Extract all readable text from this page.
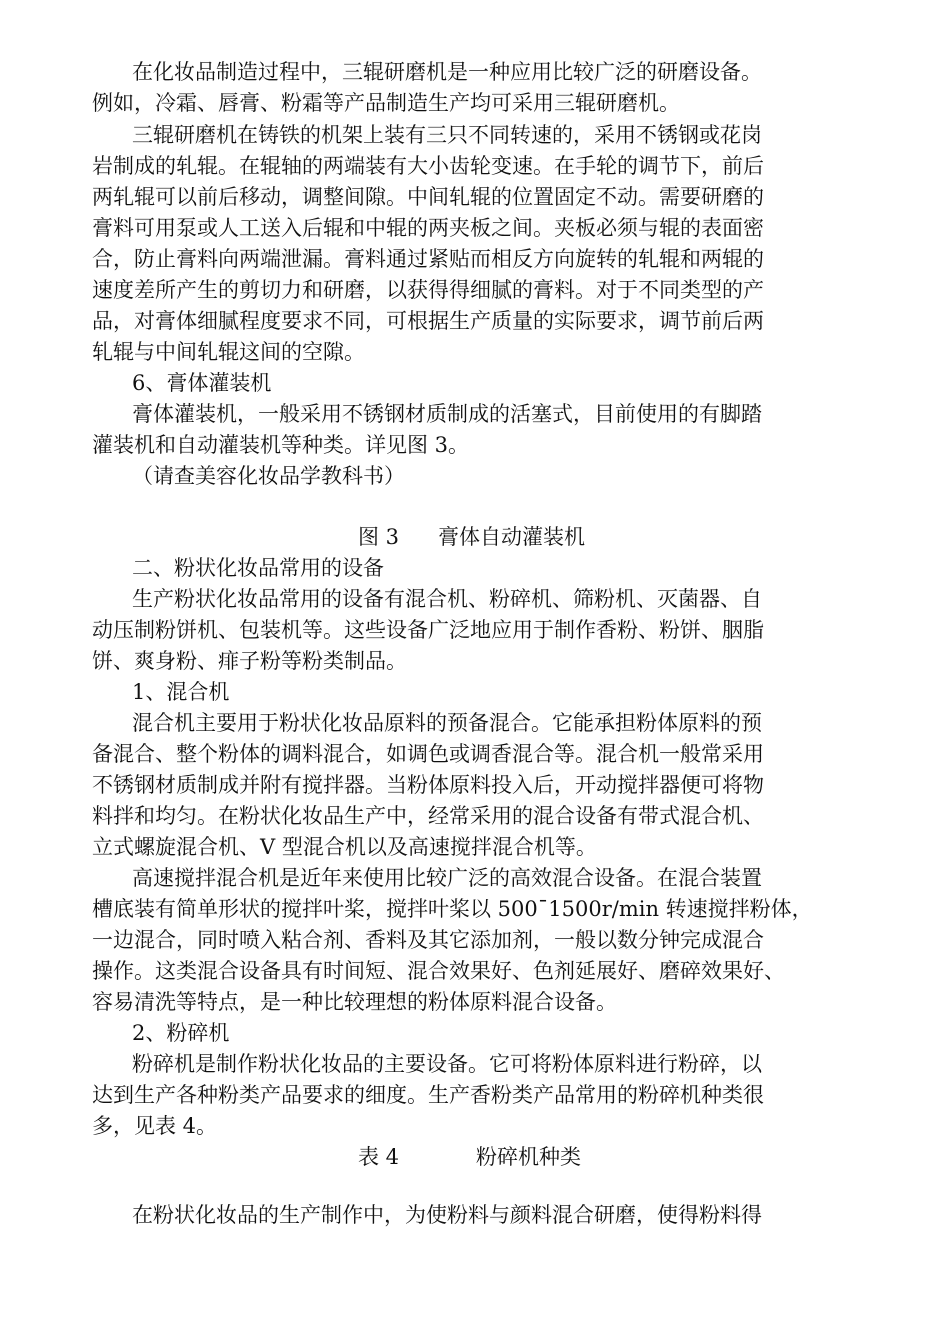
在化妆品制造过程中，三辊研磨机是一种应用比较广泛的研磨设备。
例如，冷霜、唇膏、粉霜等产品制造生产均可采用三辊研磨机。
三辊研磨机在铸铁的机架上装有三只不同转速的，采用不锈钢或花岗
岩制成的轧辊。在辊轴的两端装有大小齿轮变速。在手轮的调节下，前后
两轧辊可以前后移动，调整间隙。中间轧辊的位置固定不动。需要研磨的
膏料可用泵或人工送入后辊和中辊的两夹板之间。夹板必须与辊的表面密
合，防止膏料向两端泄漏。膏料通过紧贴而相反方向旋转的轧辊和两辊的
速度差所产生的剪切力和研磨，以获得得细腻的膏料。对于不同类型的产
品，对膏体细腻程度要求不同，可根据生产质量的实际要求，调节前后两
轧辊与中间轧辊这间的空隙。
6、膏体灌装机
膏体灌装机，一般采用不锈钢材质制成的活塞式，目前使用的有脚踏
灌装机和自动灌装机等种类。详见图 3。
（请查美容化妆品学教科书）
图 3 膏体自动灌装机
二、粉状化妆品常用的设备
生产粉状化妆品常用的设备有混合机、粉碎机、筛粉机、灭菌器、自
动压制粉饼机、包装机等。这些设备广泛地应用于制作香粉、粉饼、胭脂
饼、爽身粉、痱子粉等粉类制品。
1、混合机
混合机主要用于粉状化妆品原料的预备混合。它能承担粉体原料的预
备混合、整个粉体的调料混合，如调色或调香混合等。混合机一般常采用
不锈钢材质制成并附有搅拌器。当粉体原料投入后，开动搅拌器便可将物
料拌和均匀。在粉状化妆品生产中，经常采用的混合设备有带式混合机、
立式螺旋混合机、V 型混合机以及高速搅拌混合机等。
高速搅拌混合机是近年来使用比较广泛的高效混合设备。在混合装置
槽底装有简单形状的搅拌叶桨，搅拌叶桨以 500¯1500r/min 转速搅拌粉体，
一边混合，同时喷入粘合剂、香料及其它添加剂，一般以数分钟完成混合
操作。这类混合设备具有时间短、混合效果好、色剂延展好、磨碎效果好、
容易清洗等特点，是一种比较理想的粉体原料混合设备。
2、粉碎机
粉碎机是制作粉状化妆品的主要设备。它可将粉体原料进行粉碎，以
达到生产各种粉类产品要求的细度。生产香粉类产品常用的粉碎机种类很
多，见表 4。
表 4	粉碎机种类
在粉状化妆品的生产制作中，为使粉料与颜料混合研磨，使得粉料得
